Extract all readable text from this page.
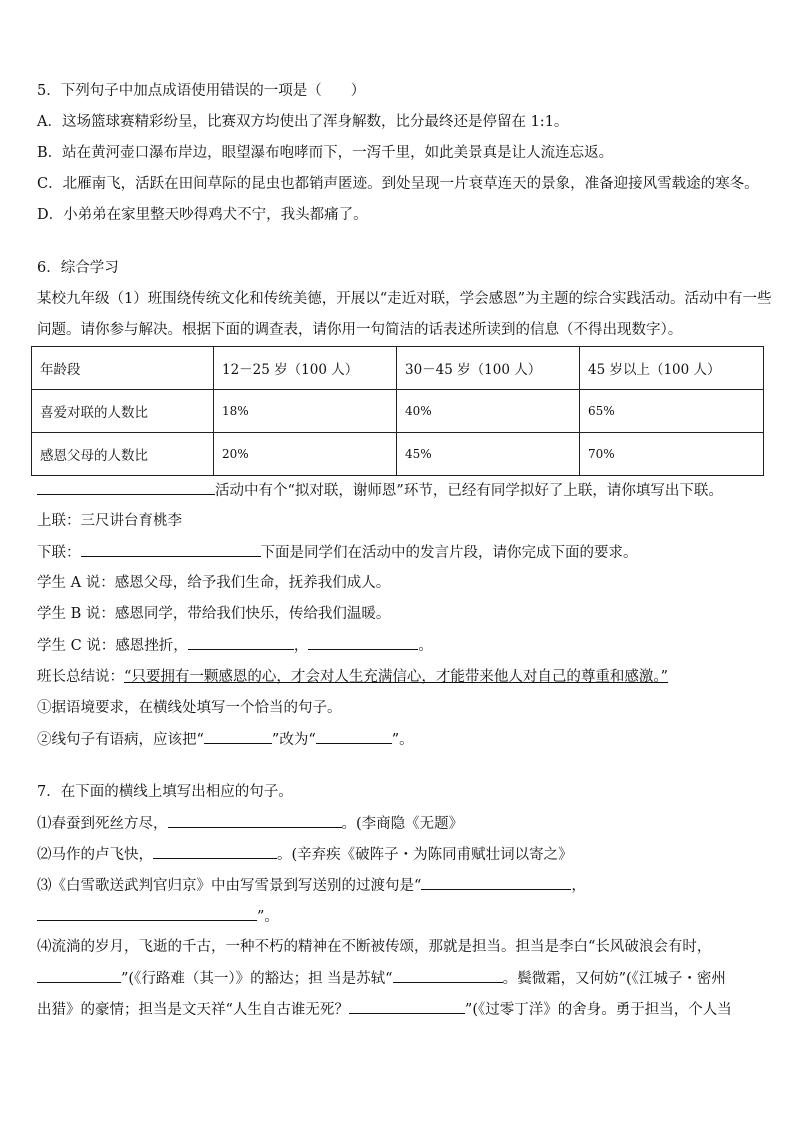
5．下列句子中加点成语使用错误的一项是（　　）
A．这场篮球赛精彩纷呈，比赛双方均使出了浑身解数，比分最终还是停留在 1:1。
B．站在黄河壶口瀑布岸边，眼望瀑布咆哮而下，一泻千里，如此美景真是让人流连忘返。
C．北雁南飞，活跃在田间草际的昆虫也都销声匿迹。到处呈现一片衰草连天的景象，准备迎接风雪载途的寒冬。
D．小弟弟在家里整天吵得鸡犬不宁，我头都痛了。
6．综合学习
某校九年级（1）班围绕传统文化和传统美德，开展以“走近对联，学会感恩”为主题的综合实践活动。活动中有一些
问题。请你参与解决。根据下面的调查表，请你用一句简洁的话表述所读到的信息（不得出现数字）。
年龄段	12－25 岁（100 人）	30－45 岁（100 人）	45 岁以上（100 人）
喜爱对联的人数比	18%	40%	65%
感恩父母的人数比	20%	45%	70%
活动中有个“拟对联，谢师恩”环节，已经有同学拟好了上联，请你填写出下联。
上联：三尺讲台育桃李
下联：	下面是同学们在活动中的发言片段，请你完成下面的要求。
学生 A 说：感恩父母，给予我们生命，抚养我们成人。
学生 B 说：感恩同学，带给我们快乐，传给我们温暖。
学生 C 说：感恩挫折，	，	。
班长总结说：“只要拥有一颗感恩的心，才会对人生充满信心，才能带来他人对自己的尊重和感激。”
①据语境要求，在横线处填写一个恰当的句子。
②线句子有语病，应该把“	”改为“	”。
7．在下面的横线上填写出相应的句子。
⑴春蚕到死丝方尽，	。(李商隐《无题》
⑵马作的卢飞快，	。(辛弃疾《破阵子・为陈同甫赋壮词以寄之》
⑶《白雪歌送武判官归京》中由写雪景到写送别的过渡句是“	，
”。
⑷流淌的岁月，飞逝的千古，一种不朽的精神在不断被传颂，那就是担当。担当是李白“长风破浪会有时，
”(《行路难（其一）》的豁达；担 当是苏轼“	。鬓微霜，又何妨”(《江城子・密州
出猎》的豪情；担当是文天祥“人生自古谁无死？	”(《过零丁洋》的舍身。勇于担当，个人当
